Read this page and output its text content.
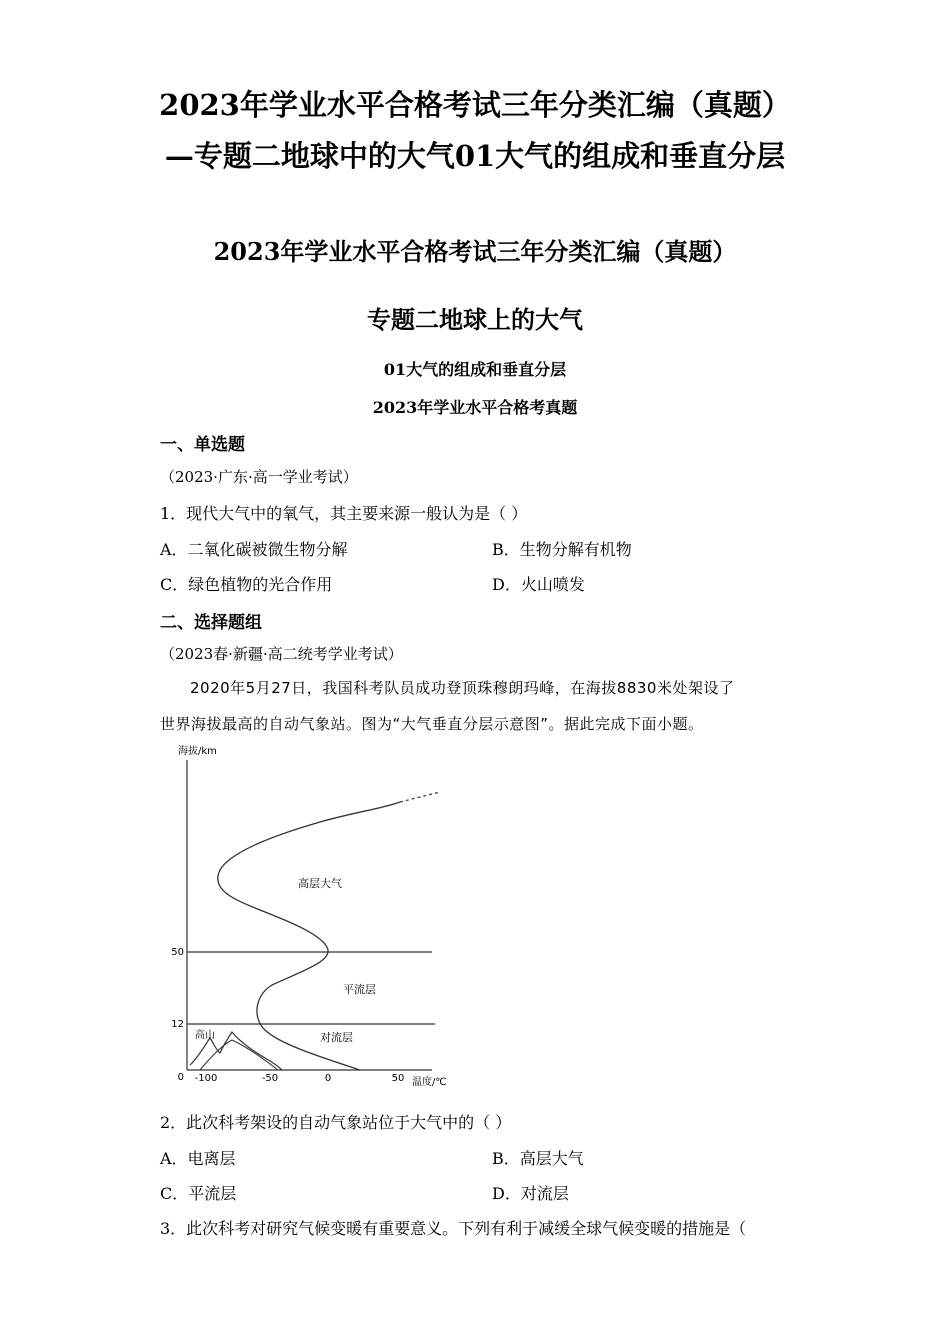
2023年学业水平合格考试三年分类汇编（真题）—专题二地球中的大气01大气的组成和垂直分层
2023年学业水平合格考试三年分类汇编（真题）
专题二地球上的大气
01大气的组成和垂直分层
2023年学业水平合格考真题
一、单选题
（2023·广东·高一学业考试）
1．现代大气中的氧气，其主要来源一般认为是（ ）
A．二氧化碳被微生物分解	B．生物分解有机物
C．绿色植物的光合作用	D．火山喷发
二、选择题组
（2023春·新疆·高二统考学业考试）
2020年5月27日，我国科考队员成功登顶珠穆朗玛峰，在海拔8830米处架设了
世界海拔最高的自动气象站。图为“大气垂直分层示意图”。据此完成下面小题。
海拔/km
温度/℃
50
12
0 -100	-50	0	50
高层大气
平流层
对流层
高山
2．此次科考架设的自动气象站位于大气中的（ ）
A．电离层	B．高层大气
C．平流层	D．对流层
3．此次科考对研究气候变暖有重要意义。下列有利于减缓全球气候变暖的措施是（
